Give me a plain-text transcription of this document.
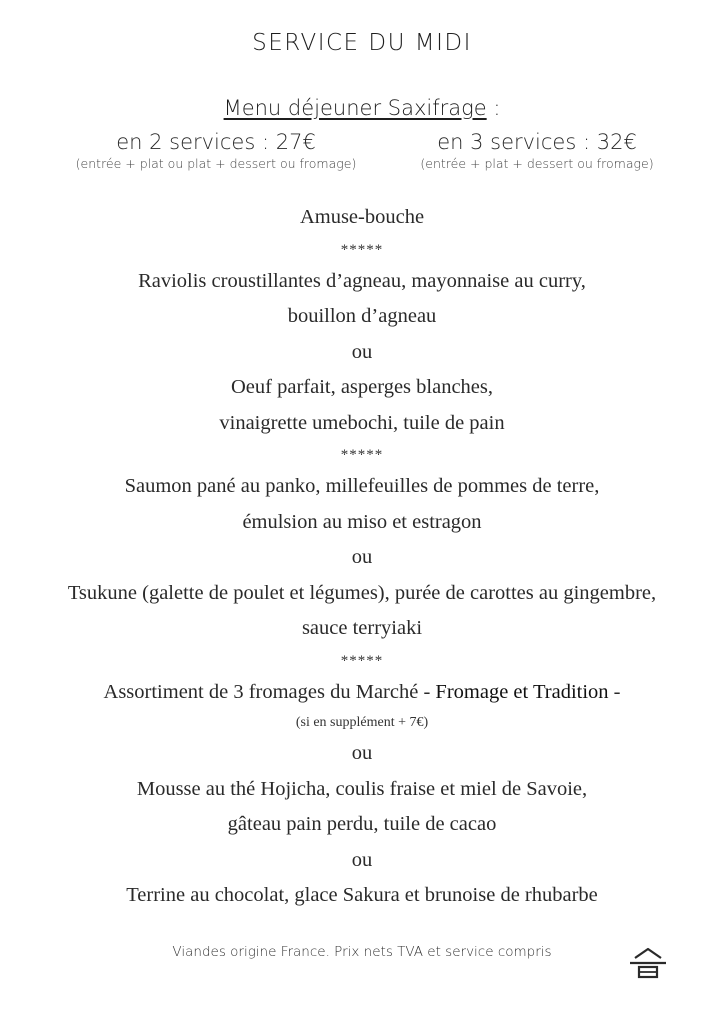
SERVICE DU MIDI
Menu déjeuner Saxifrage :
en 2 services : 27€
(entrée + plat ou plat + dessert ou fromage)
en 3 services : 32€
(entrée + plat + dessert ou fromage)
Amuse-bouche
*****
Raviolis croustillantes d’agneau, mayonnaise au curry,
bouillon d’agneau
ou
Oeuf parfait, asperges blanches,
vinaigrette umebochi, tuile de pain
*****
Saumon pané au panko, millefeuilles de pommes de terre,
émulsion au miso et estragon
ou
Tsukune (galette de poulet et légumes), purée de carottes au gingembre,
sauce terryiaki
*****
Assortiment de 3 fromages du Marché - Fromage et Tradition -
(si en supplément + 7€)
ou
Mousse au thé Hojicha, coulis fraise et miel de Savoie,
gâteau pain perdu, tuile de cacao
ou
Terrine au chocolat, glace Sakura et brunoise de rhubarbe
Viandes origine France. Prix nets TVA et service compris
